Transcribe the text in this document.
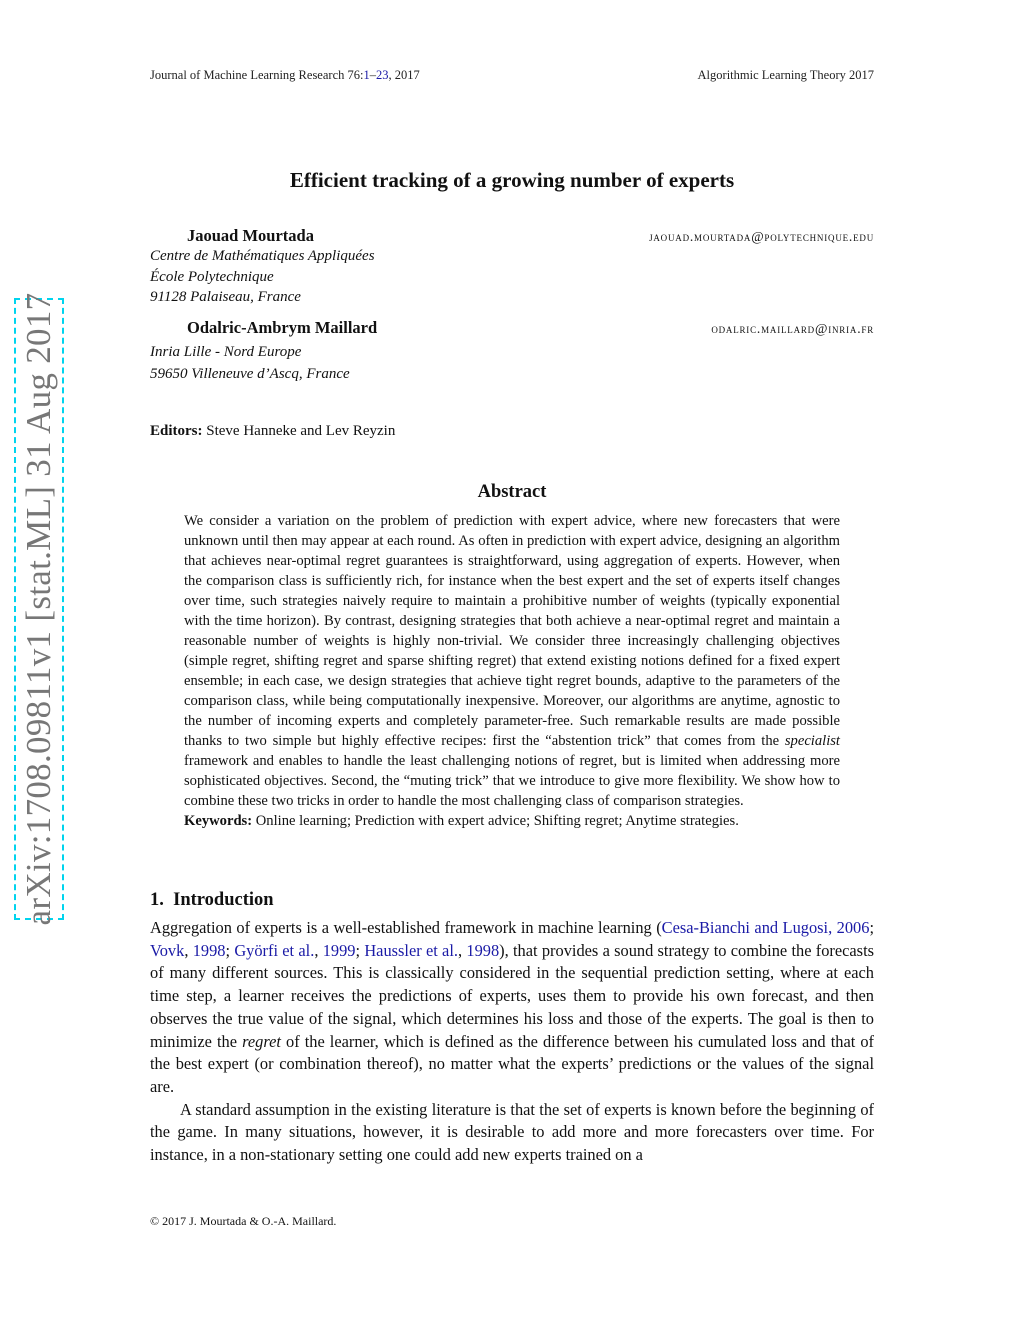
Journal of Machine Learning Research 76:1–23, 2017	Algorithmic Learning Theory 2017
arXiv:1708.09811v1 [stat.ML] 31 Aug 2017
Efficient tracking of a growing number of experts
Jaouad Mourtada	jaouad.mourtada@polytechnique.edu
Centre de Mathématiques Appliquées
École Polytechnique
91128 Palaiseau, France
Odalric-Ambrym Maillard	odalric.maillard@inria.fr
Inria Lille - Nord Europe
59650 Villeneuve d’Ascq, France
Editors: Steve Hanneke and Lev Reyzin
Abstract

We consider a variation on the problem of prediction with expert advice, where new forecasters that were unknown until then may appear at each round. As often in prediction with expert advice, designing an algorithm that achieves near-optimal regret guarantees is straightforward, using aggregation of experts. However, when the comparison class is sufficiently rich, for instance when the best expert and the set of experts itself changes over time, such strategies naively require to maintain a prohibitive number of weights (typically exponential with the time horizon). By contrast, designing strategies that both achieve a near-optimal regret and maintain a reasonable number of weights is highly non-trivial. We consider three increasingly challenging objectives (simple regret, shifting regret and sparse shifting regret) that extend existing notions defined for a fixed expert ensemble; in each case, we design strategies that achieve tight regret bounds, adaptive to the parameters of the comparison class, while being computationally inexpensive. Moreover, our algorithms are anytime, agnostic to the number of incoming experts and completely parameter-free. Such remarkable results are made possible thanks to two simple but highly effective recipes: first the “abstention trick” that comes from the specialist framework and enables to handle the least challenging notions of regret, but is limited when addressing more sophisticated objectives. Second, the “muting trick” that we introduce to give more flexibility. We show how to combine these two tricks in order to handle the most challenging class of comparison strategies.

Keywords: Online learning; Prediction with expert advice; Shifting regret; Anytime strategies.

1. Introduction

Aggregation of experts is a well-established framework in machine learning (Cesa-Bianchi and Lugosi, 2006; Vovk, 1998; Györfi et al., 1999; Haussler et al., 1998), that provides a sound strategy to combine the forecasts of many different sources. This is classically considered in the sequential prediction setting, where at each time step, a learner receives the predictions of experts, uses them to provide his own forecast, and then observes the true value of the signal, which determines his loss and those of the experts. The goal is then to minimize the regret of the learner, which is defined as the difference between his cumulated loss and that of the best expert (or combination thereof), no matter what the experts’ predictions or the values of the signal are.

A standard assumption in the existing literature is that the set of experts is known before the beginning of the game. In many situations, however, it is desirable to add more and more forecasters over time. For instance, in a non-stationary setting one could add new experts trained on a

© 2017 J. Mourtada & O.-A. Maillard.
